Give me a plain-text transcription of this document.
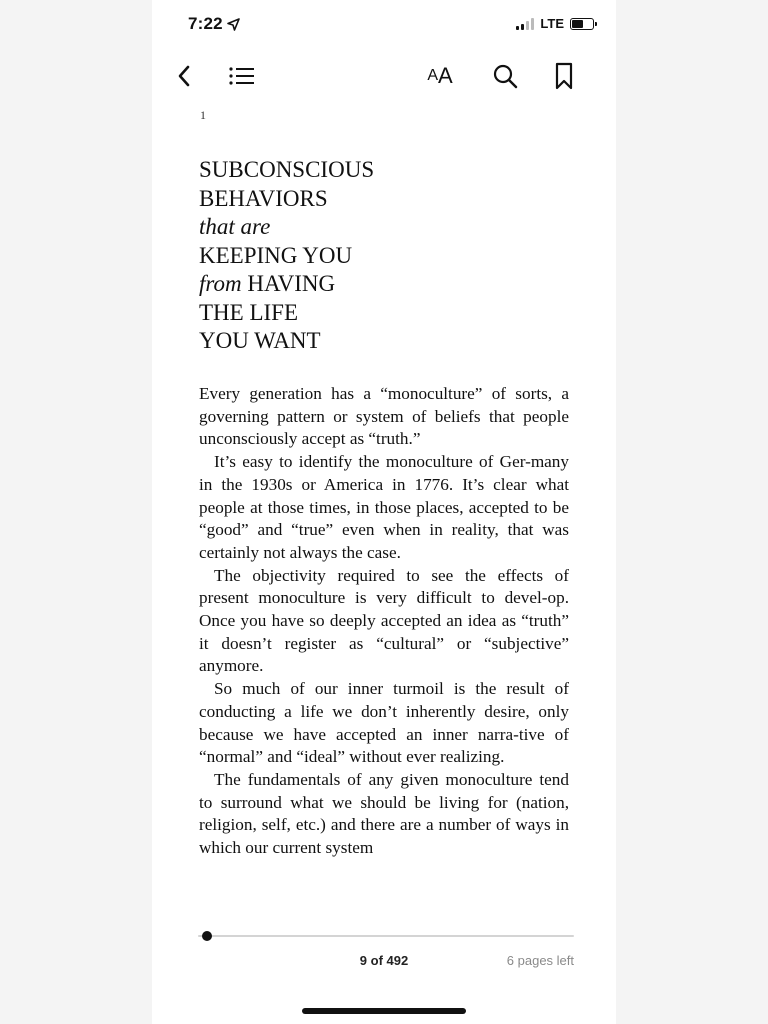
7:22	LTE
A A
1
SUBCONSCIOUS
BEHAVIORS
that are
KEEPING YOU
from HAVING
THE LIFE
YOU WANT

Every generation has a “monoculture” of sorts, a governing pattern or system of beliefs that people unconsciously accept as “truth.”

It’s easy to identify the monoculture of Ger-many in the 1930s or America in 1776. It’s clear what people at those times, in those places, accepted to be “good” and “true” even when in reality, that was certainly not always the case.

The objectivity required to see the effects of present monoculture is very difficult to devel-op. Once you have so deeply accepted an idea as “truth” it doesn’t register as “cultural” or “subjective” anymore.

So much of our inner turmoil is the result of conducting a life we don’t inherently desire, only because we have accepted an inner narra-tive of “normal” and “ideal” without ever realizing.

The fundamentals of any given monoculture tend to surround what we should be living for (nation, religion, self, etc.) and there are a number of ways in which our current system

9 of 492	6 pages left
